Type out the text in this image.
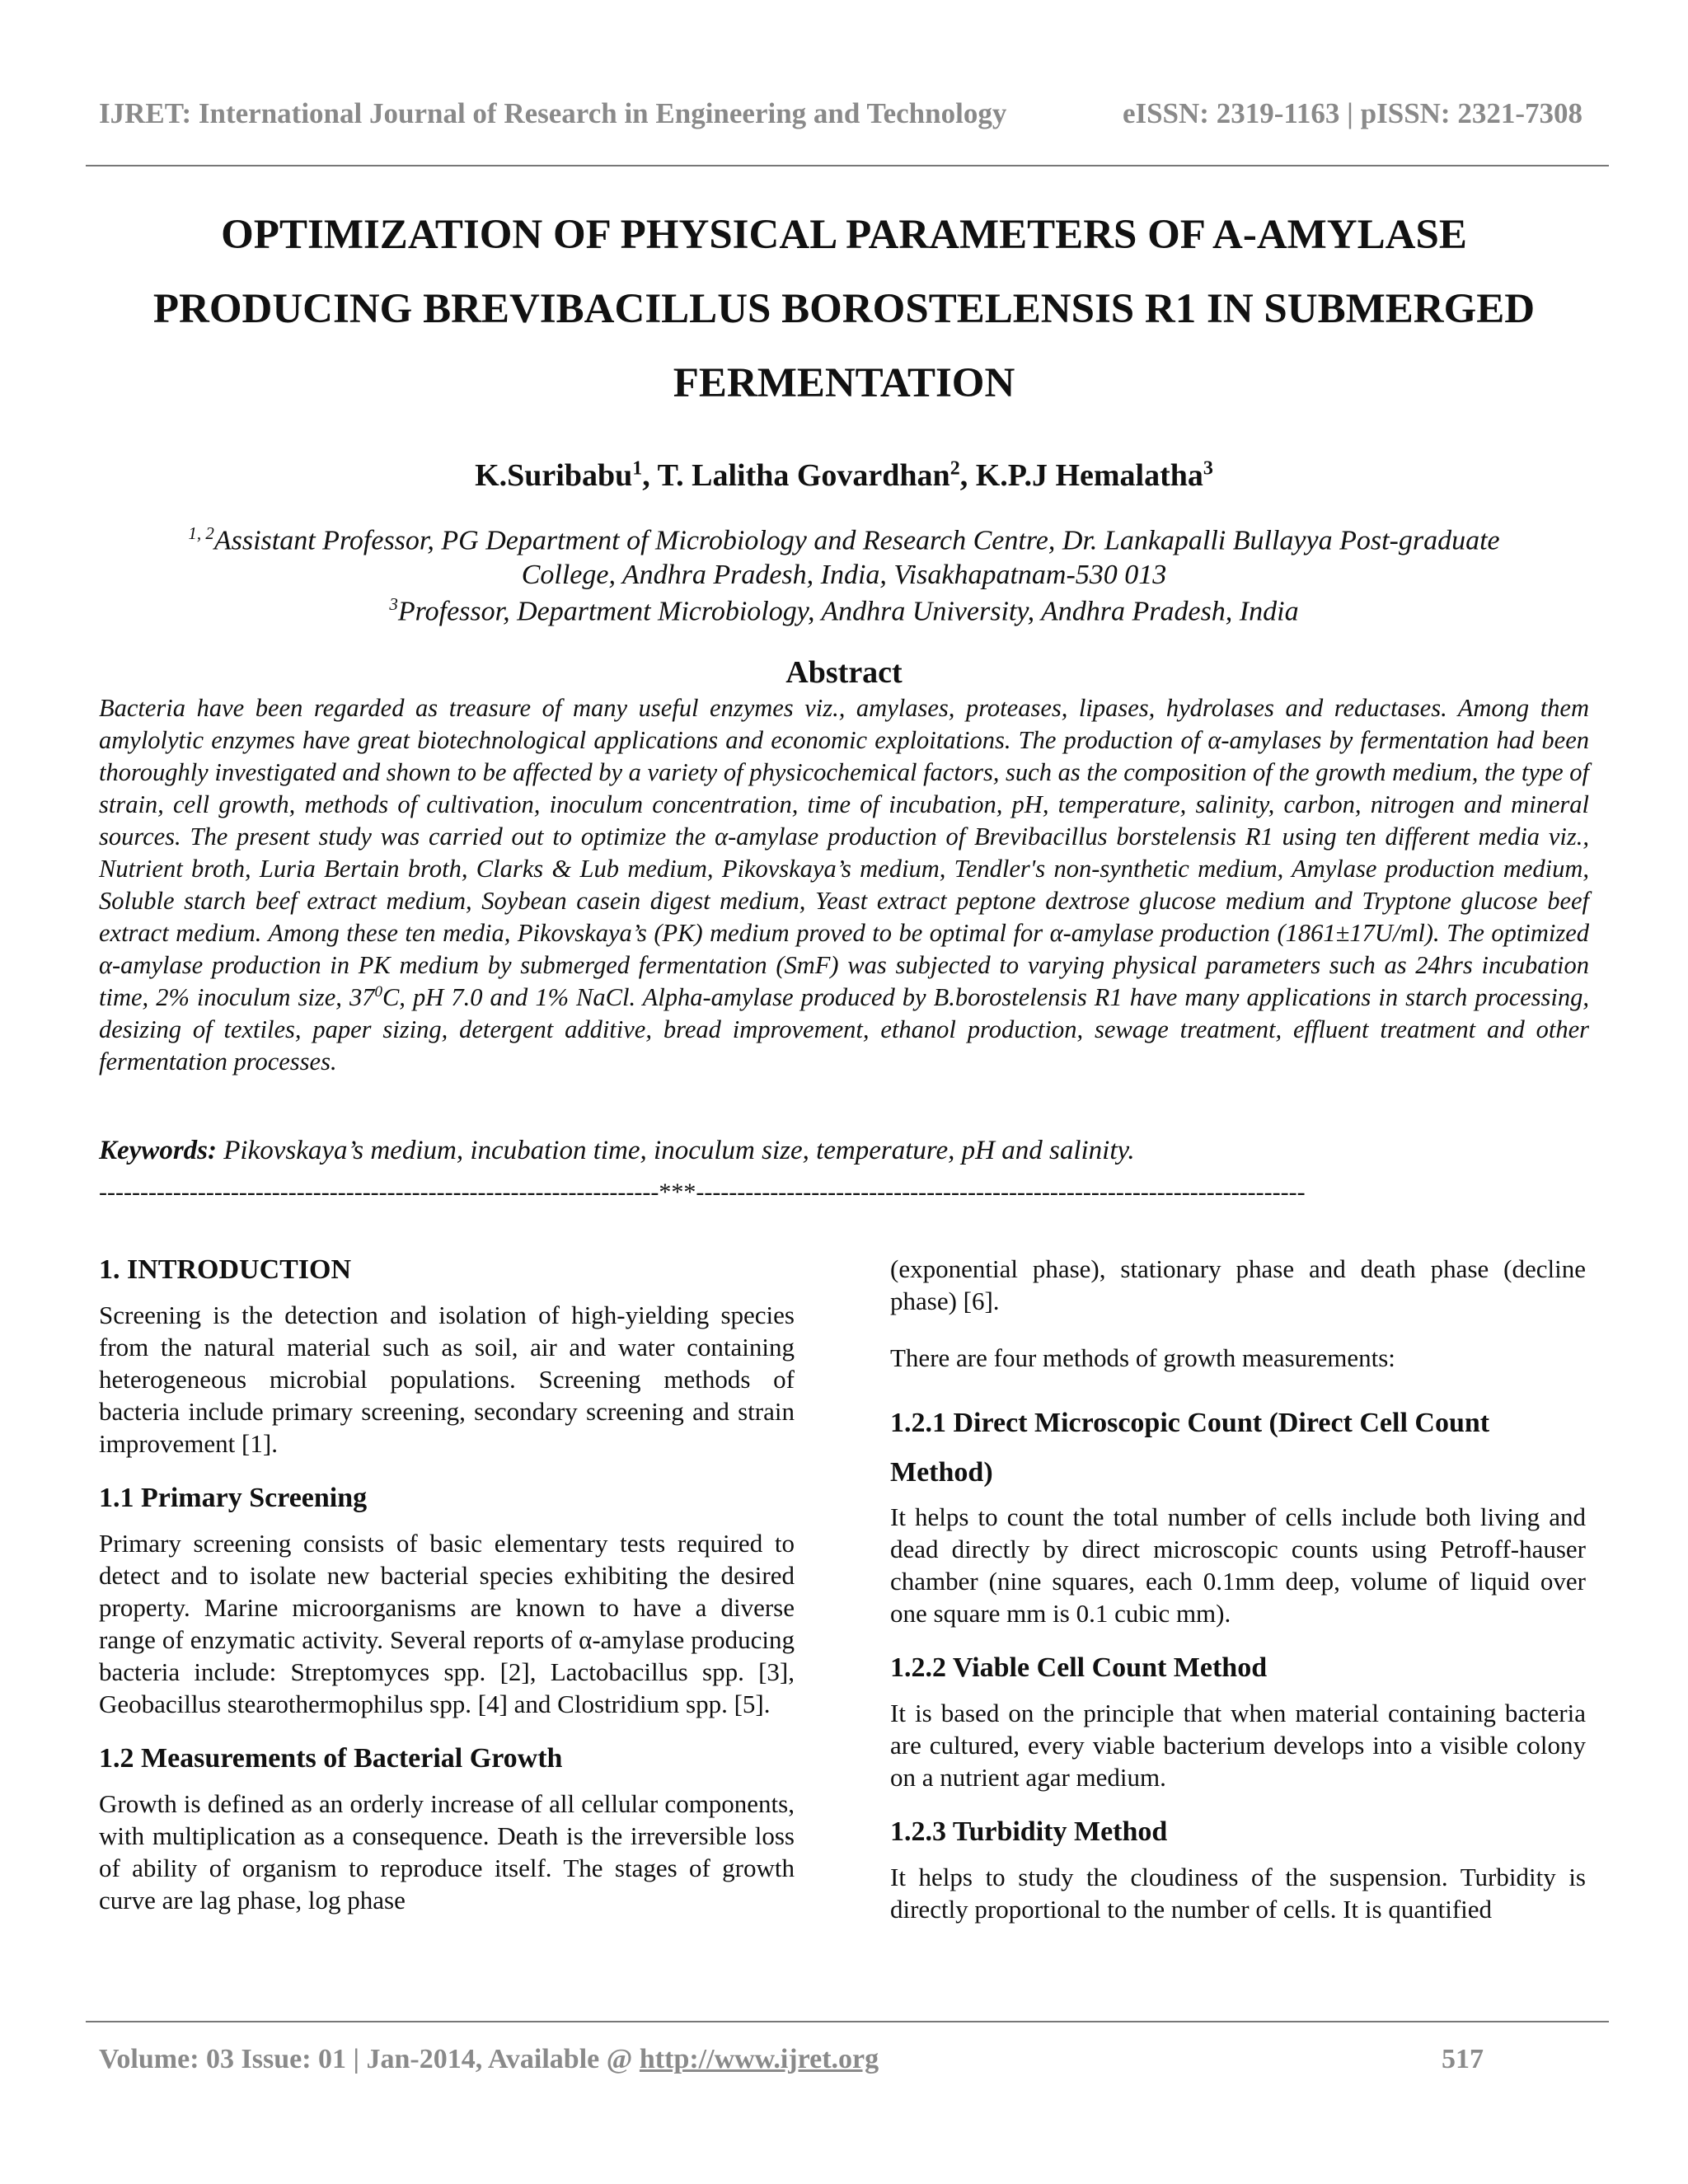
IJRET: International Journal of Research in Engineering and Technology	eISSN: 2319-1163 | pISSN: 2321-7308
OPTIMIZATION OF PHYSICAL PARAMETERS OF A-AMYLASE
PRODUCING BREVIBACILLUS BOROSTELENSIS R1 IN SUBMERGED
FERMENTATION
K.Suribabu$^1$, T. Lalitha Govardhan$^2$, K.P.J Hemalatha$^3$
$^{1, 2}$Assistant Professor, PG Department of Microbiology and Research Centre, Dr. Lankapalli Bullayya Post-graduate
College, Andhra Pradesh, India, Visakhapatnam-530 013
$^3$Professor, Department Microbiology, Andhra University, Andhra Pradesh, India
Abstract
Bacteria have been regarded as treasure of many useful enzymes viz., amylases, proteases, lipases, hydrolases and reductases. Among them amylolytic enzymes have great biotechnological applications and economic exploitations. The production of α-amylases by fermentation had been thoroughly investigated and shown to be affected by a variety of physicochemical factors, such as the composition of the growth medium, the type of strain, cell growth, methods of cultivation, inoculum concentration, time of incubation, pH, temperature, salinity, carbon, nitrogen and mineral sources. The present study was carried out to optimize the α-amylase production of Brevibacillus borstelensis R1 using ten different media viz., Nutrient broth, Luria Bertain broth, Clarks & Lub medium, Pikovskaya’s medium, Tendler's non-synthetic medium, Amylase production medium, Soluble starch beef extract medium, Soybean casein digest medium, Yeast extract peptone dextrose glucose medium and Tryptone glucose beef extract medium. Among these ten media, Pikovskaya’s (PK) medium proved to be optimal for α-amylase production (1861±17U/ml). The optimized α-amylase production in PK medium by submerged fermentation (SmF) was subjected to varying physical parameters such as 24hrs incubation time, 2% inoculum size, $37^0C$, pH 7.0 and 1% NaCl. Alpha-amylase produced by B.borostelensis R1 have many applications in starch processing, desizing of textiles, paper sizing, detergent additive, bread improvement, ethanol production, sewage treatment, effluent treatment and other fermentation processes.
Keywords: Pikovskaya’s medium, incubation time, inoculum size, temperature, pH and salinity.
--------------------------------------------------------------------***--------------------------------------------------------------------------
1. INTRODUCTION

Screening is the detection and isolation of high-yielding species from the natural material such as soil, air and water containing heterogeneous microbial populations. Screening methods of bacteria include primary screening, secondary screening and strain improvement [1].

1.1 Primary Screening

Primary screening consists of basic elementary tests required to detect and to isolate new bacterial species exhibiting the desired property. Marine microorganisms are known to have a diverse range of enzymatic activity. Several reports of α-amylase producing bacteria include: Streptomyces spp. [2], Lactobacillus spp. [3], Geobacillus stearothermophilus spp. [4] and Clostridium spp. [5].

1.2 Measurements of Bacterial Growth

Growth is defined as an orderly increase of all cellular components, with multiplication as a consequence. Death is the irreversible loss of ability of organism to reproduce itself. The stages of growth curve are lag phase, log phase

(exponential phase), stationary phase and death phase (decline phase) [6].

There are four methods of growth measurements:

1.2.1 Direct Microscopic Count (Direct Cell Count
Method)

It helps to count the total number of cells include both living and dead directly by direct microscopic counts using Petroff-hauser chamber (nine squares, each 0.1mm deep, volume of liquid over one square mm is 0.1 cubic mm).

1.2.2 Viable Cell Count Method

It is based on the principle that when material containing bacteria are cultured, every viable bacterium develops into a visible colony on a nutrient agar medium.

1.2.3 Turbidity Method

It helps to study the cloudiness of the suspension. Turbidity is directly proportional to the number of cells. It is quantified

Volume: 03 Issue: 01 | Jan-2014, Available @ http://www.ijret.org	517
